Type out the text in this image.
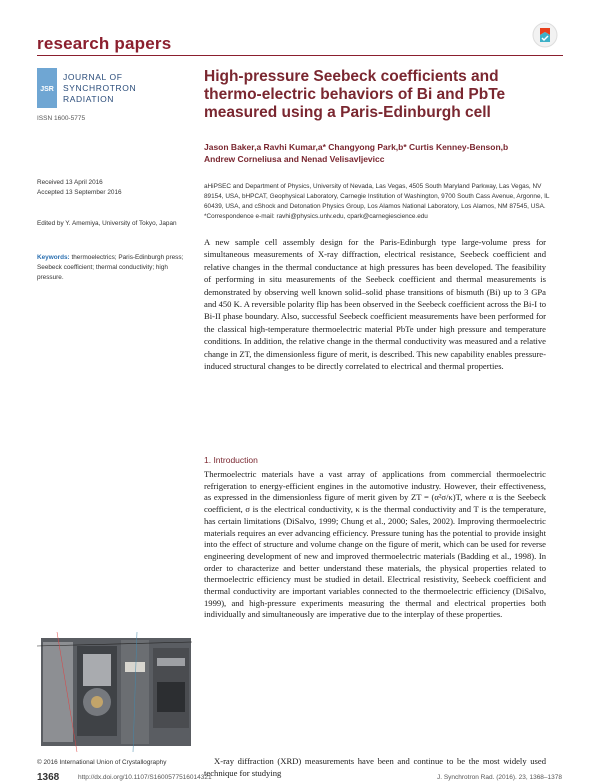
research papers
JSR
JOURNAL OF
SYNCHROTRON
RADIATION
ISSN 1600-5775
High-pressure Seebeck coefficients and thermo-electric behaviors of Bi and PbTe measured using a Paris-Edinburgh cell
Jason Baker,a Ravhi Kumar,a* Changyong Park,b* Curtis Kenney-Benson,b
Andrew Corneliusa and Nenad Velisavljevicc
aHiPSEC and Department of Physics, University of Nevada, Las Vegas, 4505 South Maryland Parkway, Las Vegas, NV 89154, USA, bHPCAT, Geophysical Laboratory, Carnegie Institution of Washington, 9700 South Cass Avenue, Argonne, IL 60439, USA, and cShock and Detonation Physics Group, Los Alamos National Laboratory, Los Alamos, NM 87545, USA. *Correspondence e-mail: ravhi@physics.unlv.edu, cpark@carnegiescience.edu
Received 13 April 2016
Accepted 13 September 2016
Edited by Y. Amemiya, University of Tokyo, Japan
Keywords: thermoelectrics; Paris-Edinburgh press; Seebeck coefficient; thermal conductivity; high pressure.
A new sample cell assembly design for the Paris-Edinburgh type large-volume press for simultaneous measurements of X-ray diffraction, electrical resistance, Seebeck coefficient and relative changes in the thermal conductance at high pressures has been developed. The feasibility of performing in situ measurements of the Seebeck coefficient and thermal measurements is demonstrated by observing well known solid–solid phase transitions of bismuth (Bi) up to 3 GPa and 450 K. A reversible polarity flip has been observed in the Seebeck coefficient across the Bi-I to Bi-II phase boundary. Also, successful Seebeck coefficient measurements have been performed for the classical high-temperature thermoelectric material PbTe under high pressure and temperature conditions. In addition, the relative change in the thermal conductivity was measured and a relative change in ZT, the dimensionless figure of merit, is described. This new capability enables pressure-induced structural changes to be directly correlated to electrical and thermal properties.
1. Introduction
Thermoelectric materials have a vast array of applications from commercial thermoelectric refrigeration to energy-efficient engines in the automotive industry. However, their effectiveness, as expressed in the dimensionless figure of merit given by ZT = (α²σ/κ)T, where α is the Seebeck coefficient, σ is the electrical conductivity, κ is the thermal conductivity and T is the temperature, has certain limitations (DiSalvo, 1999; Chung et al., 2000; Sales, 2002). Improving thermoelectric materials requires an ever advancing efficiency. Pressure tuning has the potential to provide insight into the effect of structure and volume change on the figure of merit, which can be used for reverse engineering development of new and improved thermoelectric materials (Badding et al., 1998). In order to characterize and better understand these materials, the physical properties related to thermoelectric efficiency must be studied in detail. Electrical resistivity, Seebeck coefficient and thermal conductivity are important variables connected to the thermoelectric efficiency (DiSalvo, 1999), and high-pressure experiments measuring the thermal and electrical properties both individually and simultaneously are imperative due to the interplay of these properties.
X-ray diffraction (XRD) measurements have been and continue to be the most widely used technique for studying
© 2016 International Union of Crystallography
1368	http://dx.doi.org/10.1107/S1600577516014321	J. Synchrotron Rad. (2016). 23, 1368–1378
